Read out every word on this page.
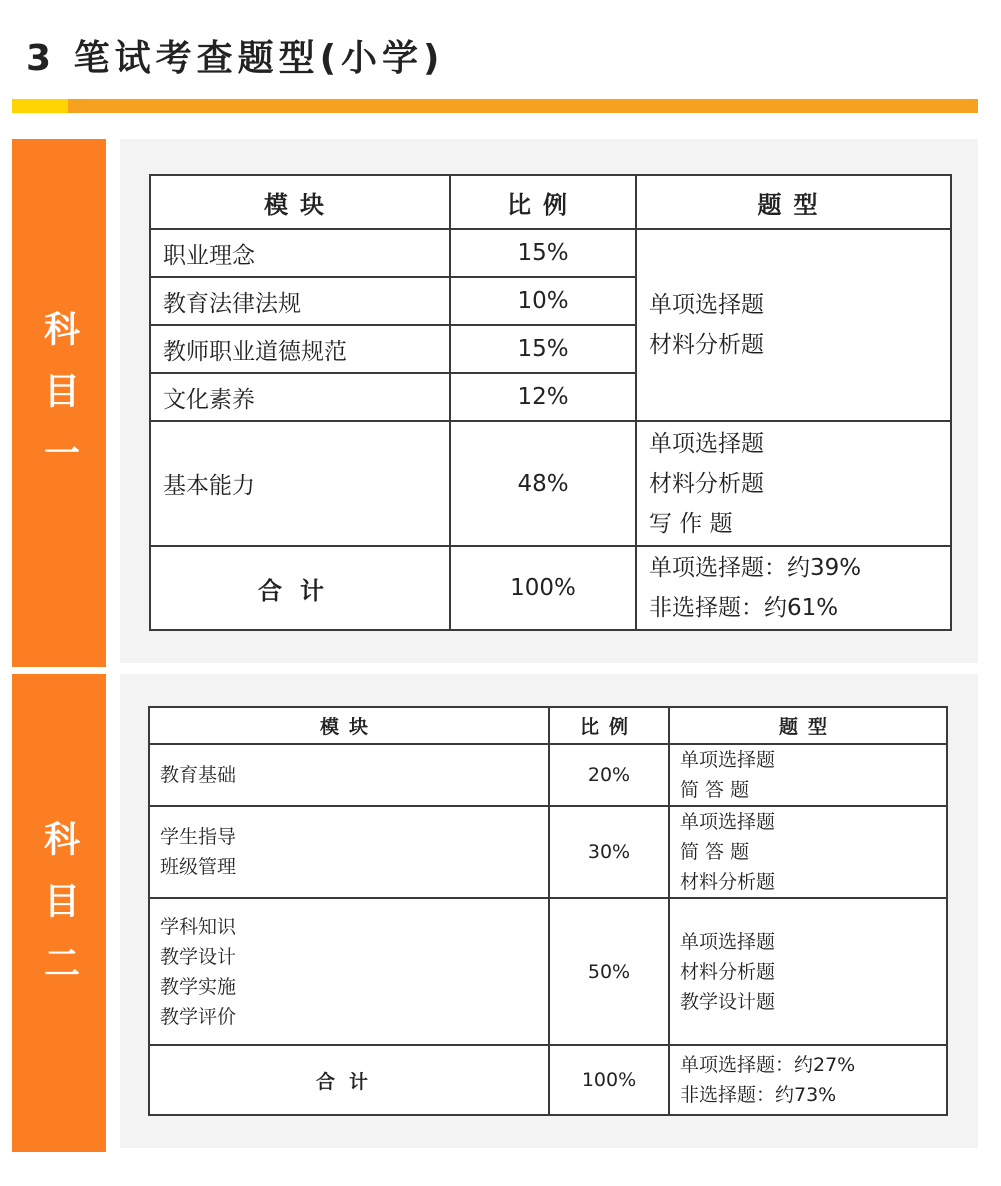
3 笔试考查题型(小学)
科目一
科目二
模块	比例	题型
职业理念	15%	单项选择题
材料分析题

教育法律法规	10%	
教师职业道德规范	15%	
文化素养	12%	
基本能力	48%	单项选择题
材料分析题
写 作 题

合计	100%	单项选择题：约39%
非选择题：约61%
模块	比例	题型

教育基础	20%	单项选择题
简 答 题

学生指导
班级管理	30%	单项选择题
简 答 题
材料分析题

学科知识
教学设计
教学实施
教学评价	50%	单项选择题
材料分析题
教学设计题

合计	100%	单项选择题：约27%
非选择题：约73%
